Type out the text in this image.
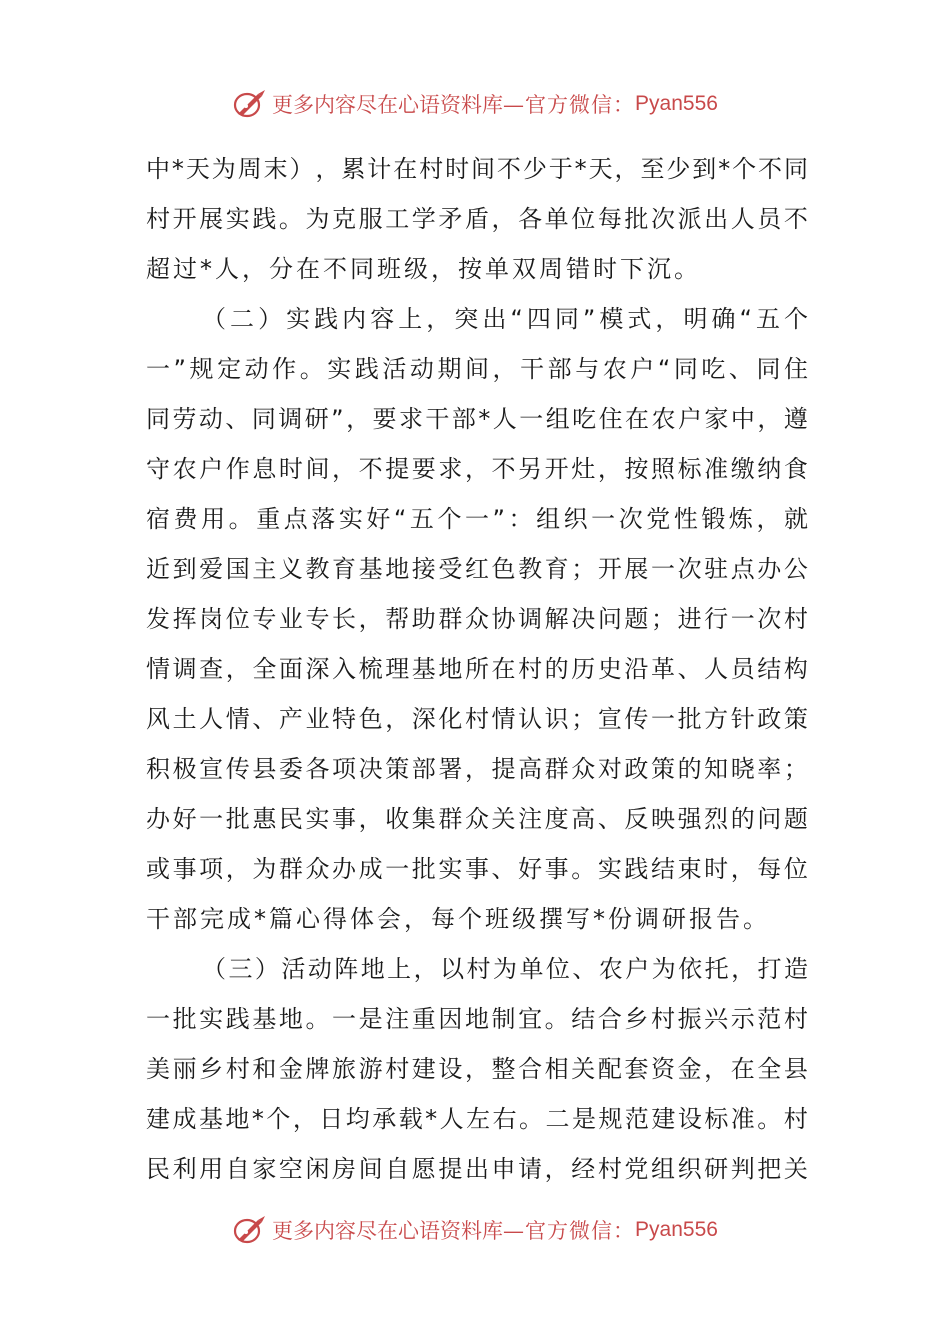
更多内容尽在心语资料库 —官方微信： Pyan556
中 * 天 为 周 末 ） ， 累 计 在 村 时 间 不 少 于 * 天 ， 至 少 到 * 个 不 同
村 开 展 实 践 。 为 克 服 工 学 矛 盾 ， 各 单 位 每 批 次 派 出 人 员 不
超过*人，分在不同班级，按单双周错时下沉。
（ 二 ） 实 践 内 容 上 ， 突 出 “ 四 同 ” 模 式 ， 明 确 “ 五 个
一 ” 规 定 动 作 。 实 践 活 动 期 间 ， 干 部 与 农 户 “ 同 吃 、 同 住
同 劳 动 、 同 调 研 ” ， 要 求 干 部 * 人 一 组 吃 住 在 农 户 家 中 ， 遵
守 农 户 作 息 时 间 ， 不 提 要 求 ， 不 另 开 灶 ， 按 照 标 准 缴 纳 食
宿 费 用 。 重 点 落 实 好 “ 五 个 一 ” ： 组 织 一 次 党 性 锻 炼 ， 就
近 到 爱 国 主 义 教 育 基 地 接 受 红 色 教 育 ； 开 展 一 次 驻 点 办 公
发 挥 岗 位 专 业 专 长 ， 帮 助 群 众 协 调 解 决 问 题 ； 进 行 一 次 村
情 调 查 ， 全 面 深 入 梳 理 基 地 所 在 村 的 历 史 沿 革 、 人 员 结 构
风 土 人 情 、 产 业 特 色 ， 深 化 村 情 认 识 ； 宣 传 一 批 方 针 政 策
积 极 宣 传 县 委 各 项 决 策 部 署 ， 提 高 群 众 对 政 策 的 知 晓 率 ；
办 好 一 批 惠 民 实 事 ， 收 集 群 众 关 注 度 高 、 反 映 强 烈 的 问 题
或 事 项 ， 为 群 众 办 成 一 批 实 事 、 好 事 。 实 践 结 束 时 ， 每 位
干部完成*篇心得体会，每个班级撰写*份调研报告。
（ 三 ） 活 动 阵 地 上 ， 以 村 为 单 位 、 农 户 为 依 托 ， 打 造
一 批 实 践 基 地 。 一 是 注 重 因 地 制 宜 。 结 合 乡 村 振 兴 示 范 村
美 丽 乡 村 和 金 牌 旅 游 村 建 设 ， 整 合 相 关 配 套 资 金 ， 在 全 县
建 成 基 地 * 个 ， 日 均 承 载 * 人 左 右 。 二 是 规 范 建 设 标 准 。 村
民 利 用 自 家 空 闲 房 间 自 愿 提 出 申 请 ， 经 村 党 组 织 研 判 把 关
更多内容尽在心语资料库 —官方微信： Pyan556
